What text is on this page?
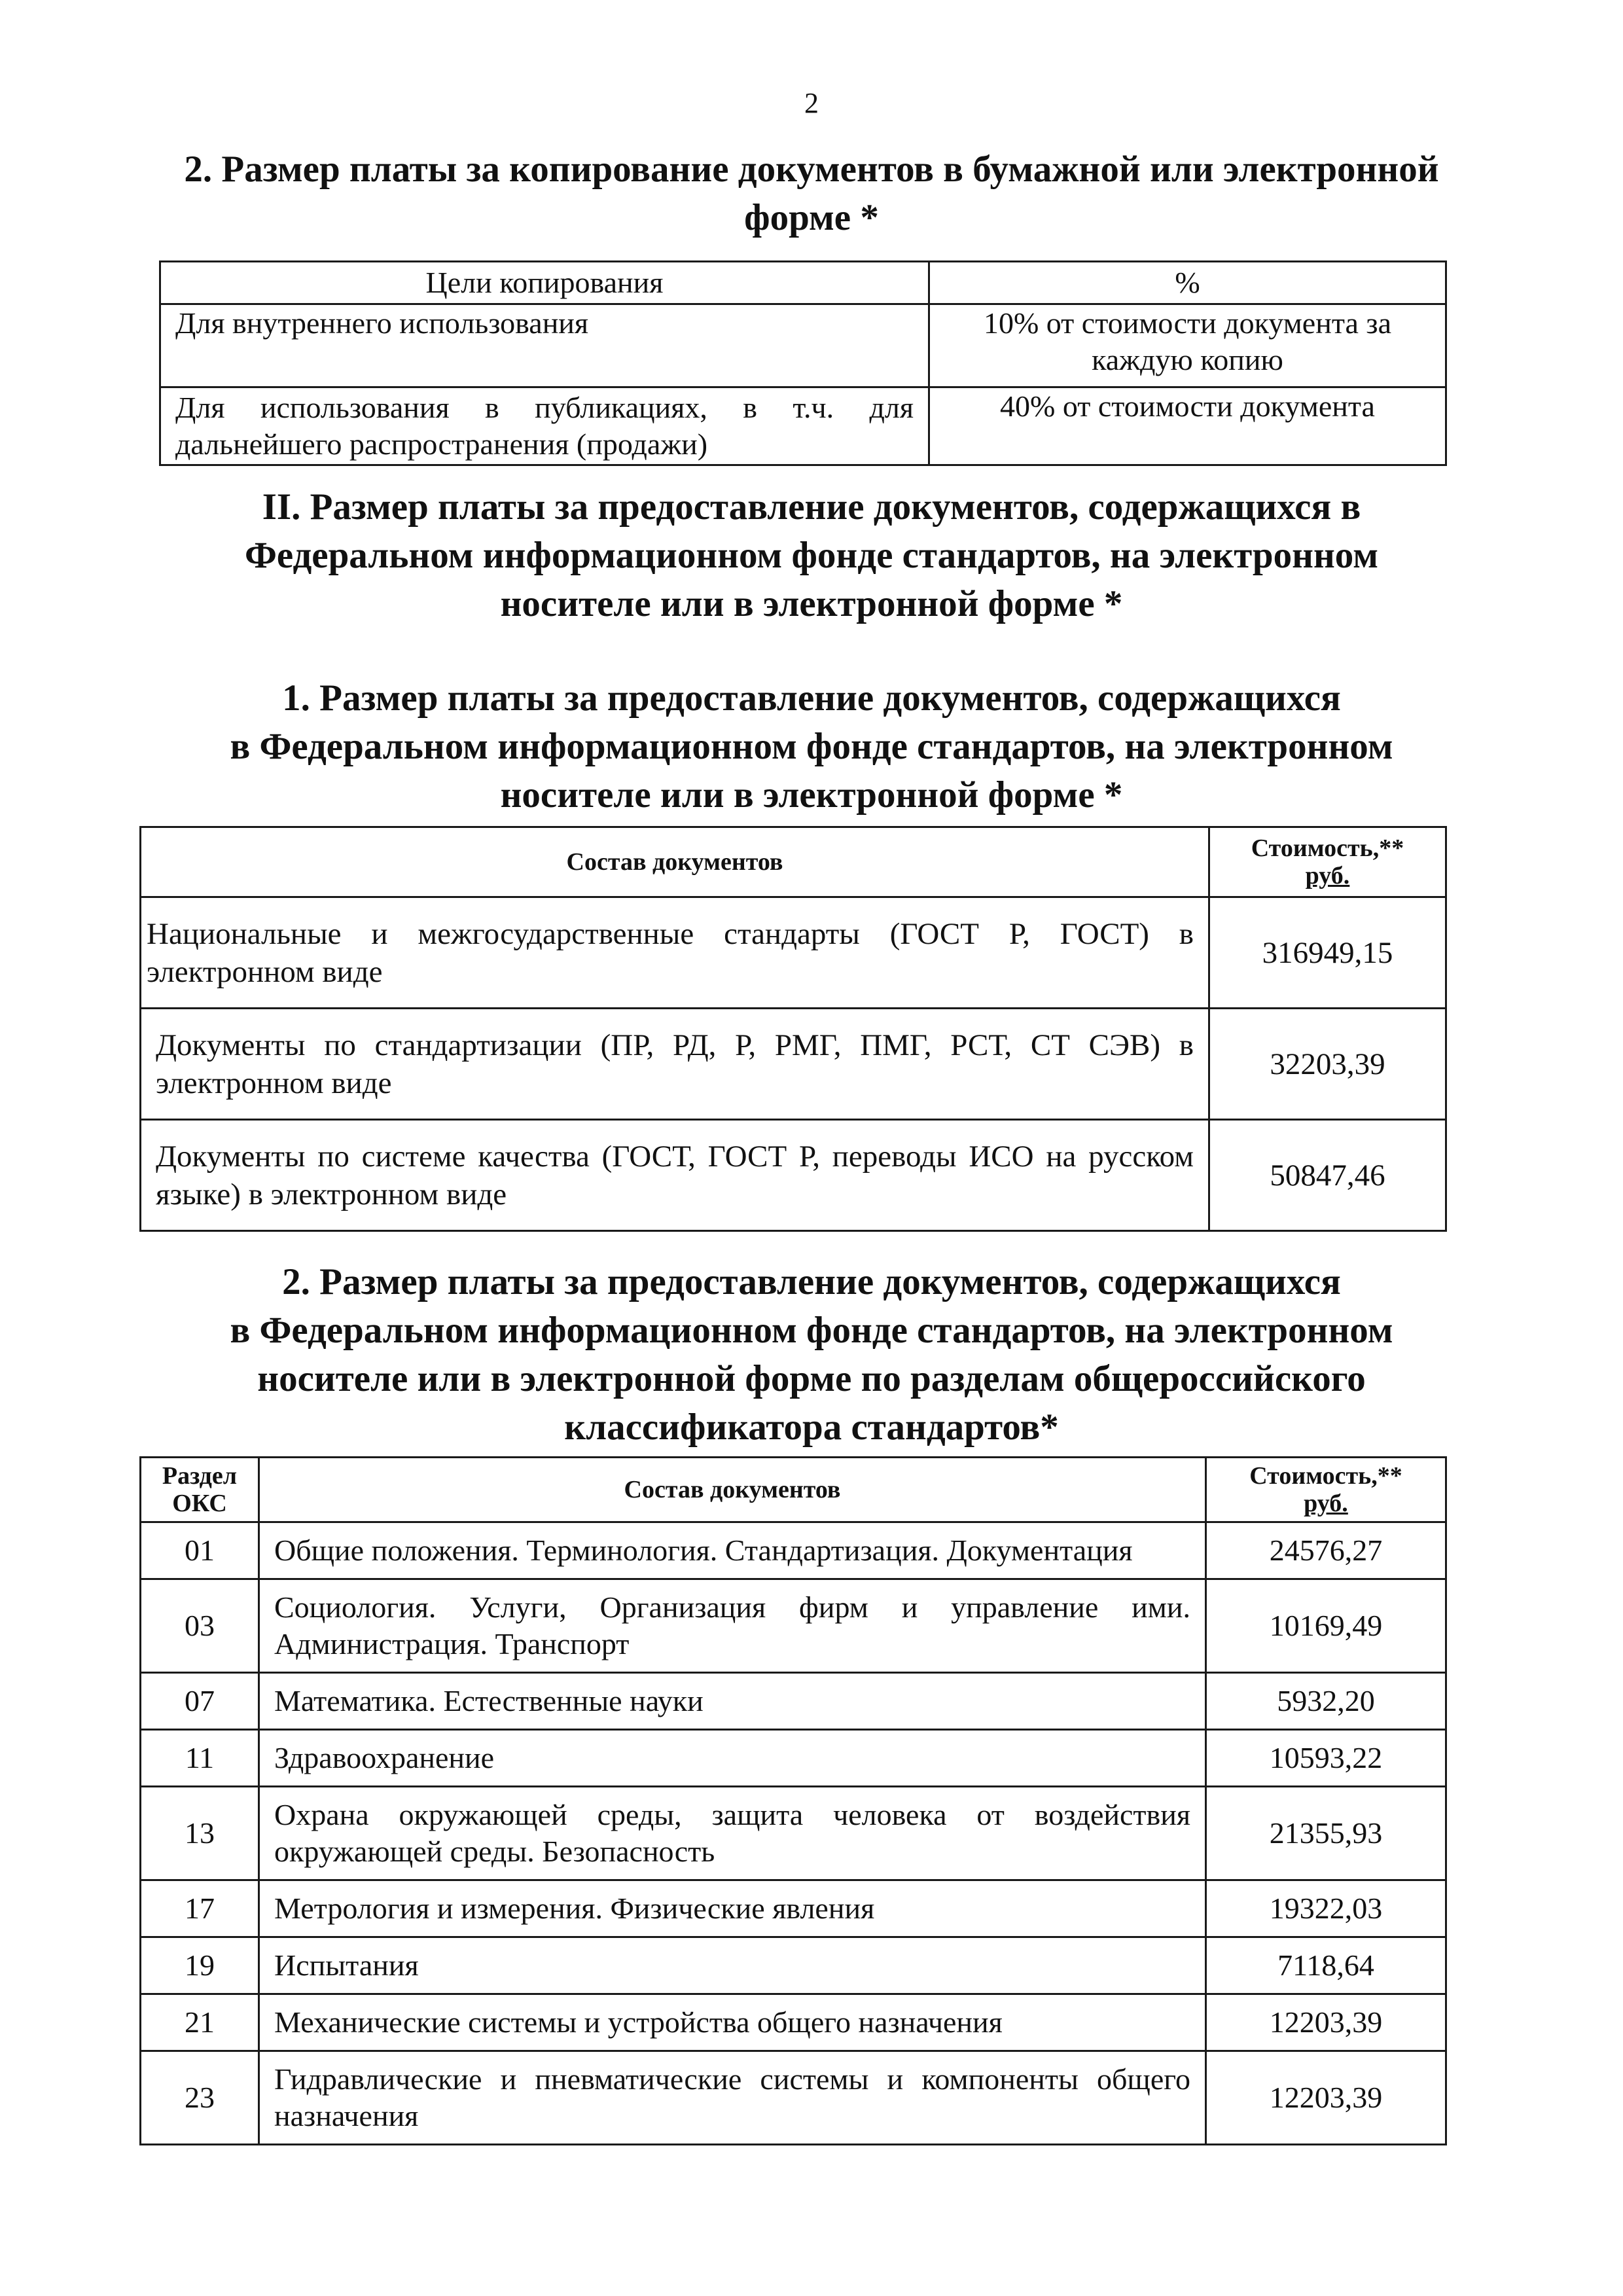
2
2. Размер платы за копирование документов в бумажной или электронной
форме *
Цели копирования	%
Для внутреннего использования	10% от стоимости документа за каждую копию
Для использования в публикациях, в т.ч. для дальнейшего распространения (продажи)	40% от стоимости документа
II. Размер платы за предоставление документов, содержащихся в
Федеральном информационном фонде стандартов, на электронном
носителе или в электронной форме *
1. Размер платы за предоставление документов, содержащихся
в Федеральном информационном фонде стандартов, на электронном
носителе или в электронной форме *
Состав документов	Стоимость,**
руб.

Национальные и межгосударственные стандарты (ГОСТ Р, ГОСТ) в электронном виде	316949,15
Документы по стандартизации (ПР, РД, Р, РМГ, ПМГ, РСТ, СТ СЭВ) в электронном виде	32203,39
Документы по системе качества (ГОСТ, ГОСТ Р, переводы ИСО на русском языке) в электронном виде	50847,46
2. Размер платы за предоставление документов, содержащихся
в Федеральном информационном фонде стандартов, на электронном
носителе или в электронной форме по разделам общероссийского
классификатора стандартов*
Раздел
ОКС	Состав документов	Стоимость,**
руб.

01	Общие положения. Терминология. Стандартизация. Документация	24576,27
03	Социология. Услуги, Организация фирм и управление ими. Администрация. Транспорт	10169,49
07	Математика. Естественные науки	5932,20
11	Здравоохранение	10593,22
13	Охрана окружающей среды, защита человека от воздействия окружающей среды. Безопасность	21355,93
17	Метрология и измерения. Физические явления	19322,03
19	Испытания	7118,64
21	Механические системы и устройства общего назначения	12203,39
23	Гидравлические и пневматические системы и компоненты общего назначения	12203,39
